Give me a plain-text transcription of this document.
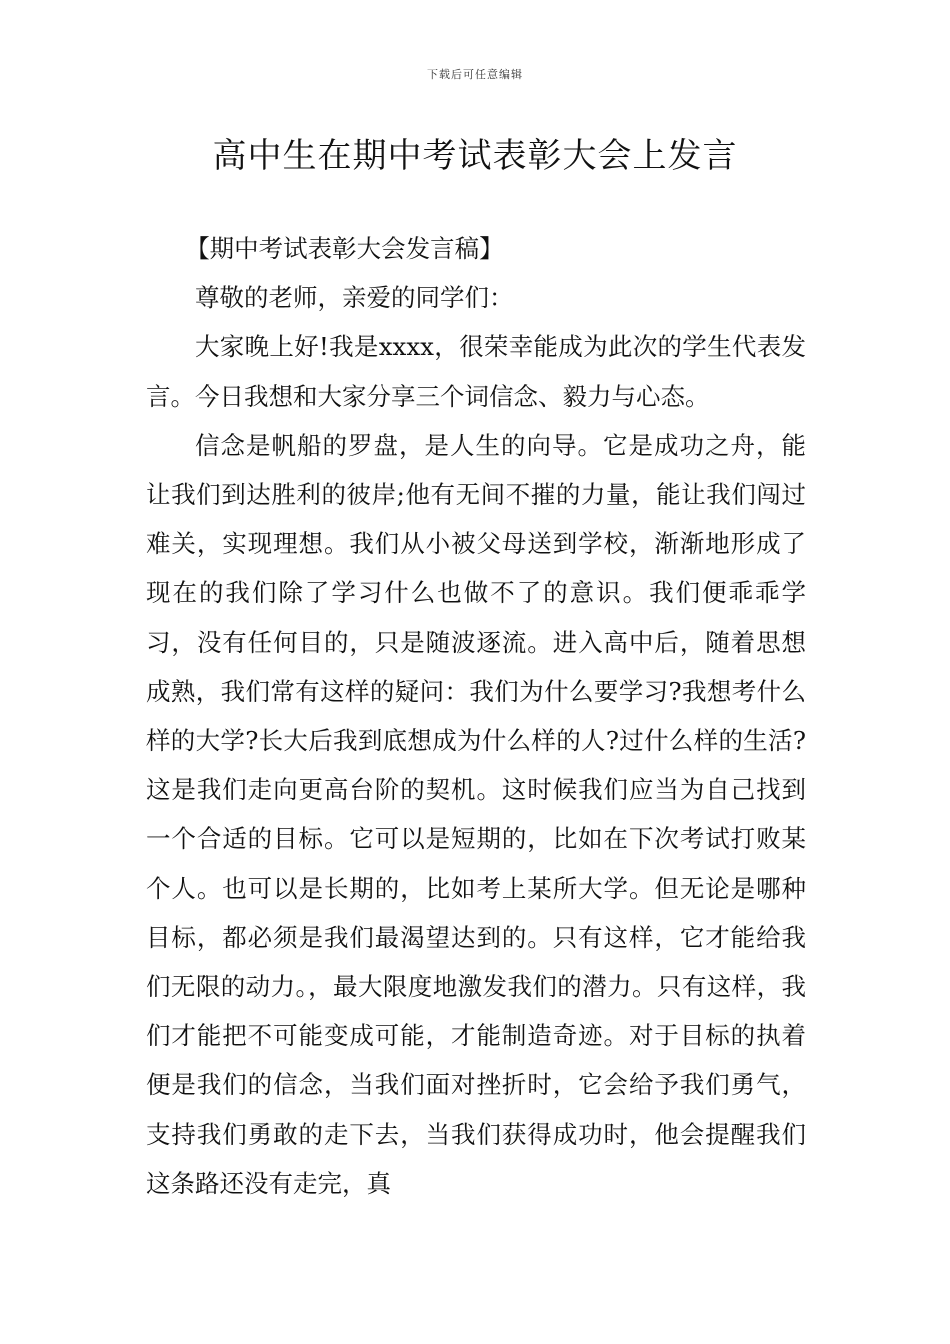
下载后可任意编辑
高中生在期中考试表彰大会上发言

【期中考试表彰大会发言稿】

尊敬的老师，亲爱的同学们：

大家晚上好!我是xxxx，很荣幸能成为此次的学生代表发言。今日我想和大家分享三个词信念、毅力与心态。

信念是帆船的罗盘，是人生的向导。它是成功之舟，能让我们到达胜利的彼岸;他有无间不摧的力量，能让我们闯过难关，实现理想。我们从小被父母送到学校，渐渐地形成了现在的我们除了学习什么也做不了的意识。我们便乖乖学习，没有任何目的，只是随波逐流。进入高中后，随着思想成熟，我们常有这样的疑问：我们为什么要学习?我想考什么样的大学?长大后我到底想成为什么样的人?过什么样的生活?这是我们走向更高台阶的契机。这时候我们应当为自己找到一个合适的目标。它可以是短期的，比如在下次考试打败某个人。也可以是长期的，比如考上某所大学。但无论是哪种目标，都必须是我们最渴望达到的。只有这样，它才能给我们无限的动力。，最大限度地激发我们的潜力。只有这样，我们才能把不可能变成可能，才能制造奇迹。对于目标的执着便是我们的信念，当我们面对挫折时，它会给予我们勇气，支持我们勇敢的走下去，当我们获得成功时，他会提醒我们这条路还没有走完，真
